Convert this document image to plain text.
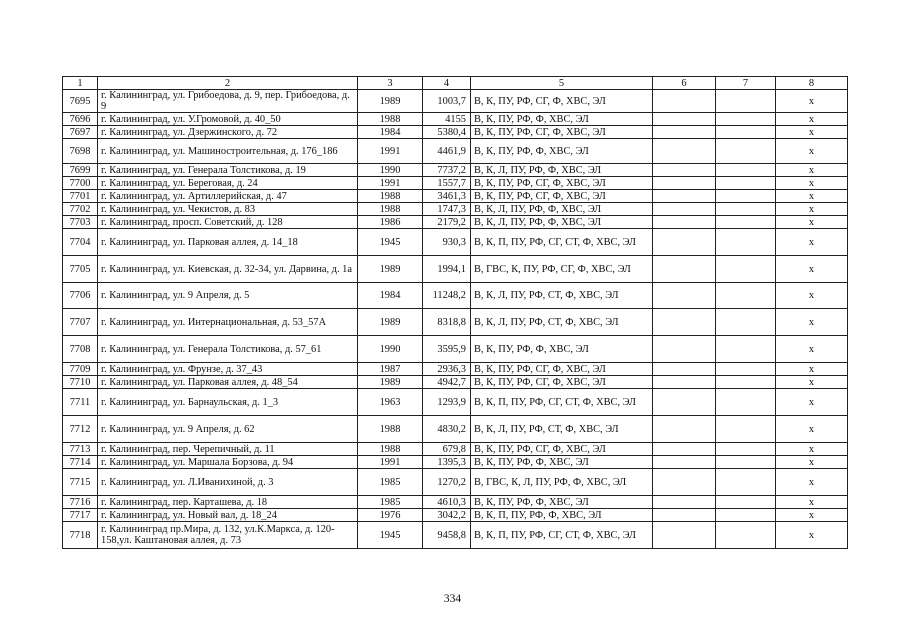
1	2	3	4	5	6	7	8
7695	г. Калининград, ул. Грибоедова, д. 9, пер. Грибоедова, д. 9	1989	1003,7	В, К, ПУ, РФ, СГ, Ф, ХВС, ЭЛ			х
7696	г. Калининград, ул. У.Громовой, д. 40_50	1988	4155	В, К, ПУ, РФ, Ф, ХВС, ЭЛ			х
7697	г. Калининград, ул. Дзержинского, д. 72	1984	5380,4	В, К, ПУ, РФ, СГ, Ф, ХВС, ЭЛ			х
7698	г. Калининград, ул. Машиностроительная, д. 176_186	1991	4461,9	В, К, ПУ, РФ, Ф, ХВС, ЭЛ			х
7699	г. Калининград, ул. Генерала Толстикова, д. 19	1990	7737,2	В, К, Л, ПУ, РФ, Ф, ХВС, ЭЛ			х
7700	г. Калининград, ул. Береговая, д. 24	1991	1557,7	В, К, ПУ, РФ, СГ, Ф, ХВС, ЭЛ			х
7701	г. Калининград, ул. Артиллерийская, д. 47	1988	3461,3	В, К, ПУ, РФ, СГ, Ф, ХВС, ЭЛ			х
7702	г. Калининград, ул. Чекистов, д. 83	1988	1747,3	В, К, Л, ПУ, РФ, Ф, ХВС, ЭЛ			х
7703	г. Калининград, просп. Советский, д. 128	1986	2179,2	В, К, Л, ПУ, РФ, Ф, ХВС, ЭЛ			х
7704	г. Калининград, ул. Парковая аллея, д. 14_18	1945	930,3	В, К, П, ПУ, РФ, СГ, СТ, Ф, ХВС, ЭЛ			х
7705	г. Калининград, ул. Киевская, д. 32-34, ул. Дарвина, д. 1а	1989	1994,1	В, ГВС, К, ПУ, РФ, СГ, Ф, ХВС, ЭЛ			х
7706	г. Калининград, ул. 9 Апреля, д. 5	1984	11248,2	В, К, Л, ПУ, РФ, СТ, Ф, ХВС, ЭЛ			х
7707	г. Калининград, ул. Интернациональная, д. 53_57А	1989	8318,8	В, К, Л, ПУ, РФ, СТ, Ф, ХВС, ЭЛ			х
7708	г. Калининград, ул. Генерала Толстикова, д. 57_61	1990	3595,9	В, К, ПУ, РФ, Ф, ХВС, ЭЛ			х
7709	г. Калининград, ул. Фрунзе, д. 37_43	1987	2936,3	В, К, ПУ, РФ, СГ, Ф, ХВС, ЭЛ			х
7710	г. Калининград, ул. Парковая аллея, д. 48_54	1989	4942,7	В, К, ПУ, РФ, СГ, Ф, ХВС, ЭЛ			х
7711	г. Калининград, ул. Барнаульская, д. 1_3	1963	1293,9	В, К, П, ПУ, РФ, СГ, СТ, Ф, ХВС, ЭЛ			х
7712	г. Калининград, ул. 9 Апреля, д. 62	1988	4830,2	В, К, Л, ПУ, РФ, СТ, Ф, ХВС, ЭЛ			х
7713	г. Калининград, пер. Черепичный, д. 11	1988	679,8	В, К, ПУ, РФ, СГ, Ф, ХВС, ЭЛ			х
7714	г. Калининград, ул. Маршала Борзова, д. 94	1991	1395,3	В, К, ПУ, РФ, Ф, ХВС, ЭЛ			х
7715	г. Калининград, ул. Л.Иванихиной, д. 3	1985	1270,2	В, ГВС, К, Л, ПУ, РФ, Ф, ХВС, ЭЛ			х
7716	г. Калининград, пер. Карташева, д. 18	1985	4610,3	В, К, ПУ, РФ, Ф, ХВС, ЭЛ			х
7717	г. Калининград, ул. Новый вал, д. 18_24	1976	3042,2	В, К, П, ПУ, РФ, Ф, ХВС, ЭЛ			х
7718	г. Калининград пр.Мира, д. 132, ул.К.Маркса, д. 120-158,ул. Каштановая аллея, д. 73	1945	9458,8	В, К, П, ПУ, РФ, СГ, СТ, Ф, ХВС, ЭЛ			х
334
